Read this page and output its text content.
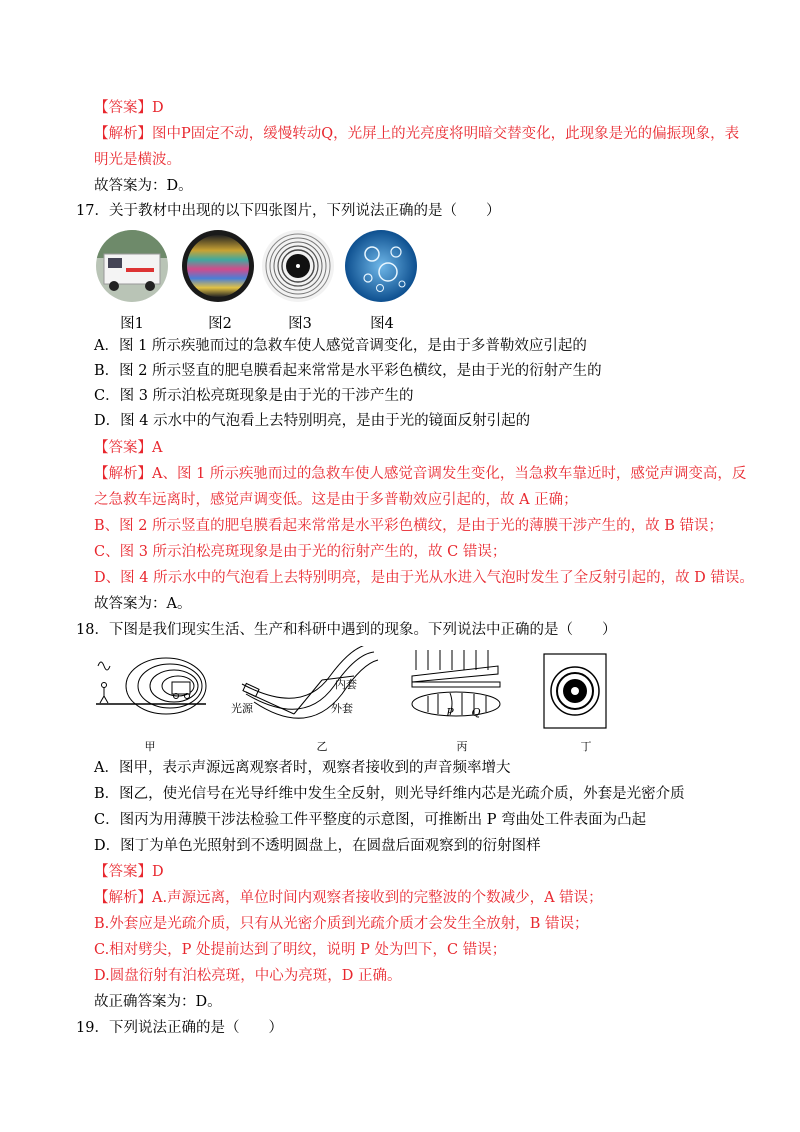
【答案】D
【解析】图中P固定不动，缓慢转动Q，光屏上的光亮度将明暗交替变化，此现象是光的偏振现象，表
明光是横波。
故答案为：D。
17．关于教材中出现的以下四张图片，下列说法正确的是（　　）
图1	图2	图3	图4
A．图 1 所示疾驰而过的急救车使人感觉音调变化，是由于多普勒效应引起的
B．图 2 所示竖直的肥皂膜看起来常常是水平彩色横纹，是由于光的衍射产生的
C．图 3 所示泊松亮斑现象是由于光的干涉产生的
D．图 4 示水中的气泡看上去特别明亮，是由于光的镜面反射引起的
【答案】A
【解析】A、图 1 所示疾驰而过的急救车使人感觉音调发生变化，当急救车靠近时，感觉声调变高，反
之急救车远离时，感觉声调变低。这是由于多普勒效应引起的，故 A 正确；
B、图 2 所示竖直的肥皂膜看起来常常是水平彩色横纹，是由于光的薄膜干涉产生的，故 B 错误；
C、图 3 所示泊松亮斑现象是由于光的衍射产生的，故 C 错误；
D、图 4 所示水中的气泡看上去特别明亮，是由于光从水进入气泡时发生了全反射引起的，故 D 错误。
故答案为：A。
18．下图是我们现实生活、生产和科研中遇到的现象。下列说法中正确的是（　　）
内套
外套
光源	P	Q
甲	乙	丙	丁
A．图甲，表示声源远离观察者时，观察者接收到的声音频率增大
B．图乙，使光信号在光导纤维中发生全反射，则光导纤维内芯是光疏介质，外套是光密介质
C．图丙为用薄膜干涉法检验工件平整度的示意图，可推断出 P 弯曲处工件表面为凸起
D．图丁为单色光照射到不透明圆盘上，在圆盘后面观察到的衍射图样
【答案】D
【解析】A.声源远离，单位时间内观察者接收到的完整波的个数减少，A 错误；
B.外套应是光疏介质，只有从光密介质到光疏介质才会发生全放射，B 错误；
C.相对劈尖，P 处提前达到了明纹，说明 P 处为凹下，C 错误；
D.圆盘衍射有泊松亮斑，中心为亮斑，D 正确。
故正确答案为：D。
19．下列说法正确的是（　　）
